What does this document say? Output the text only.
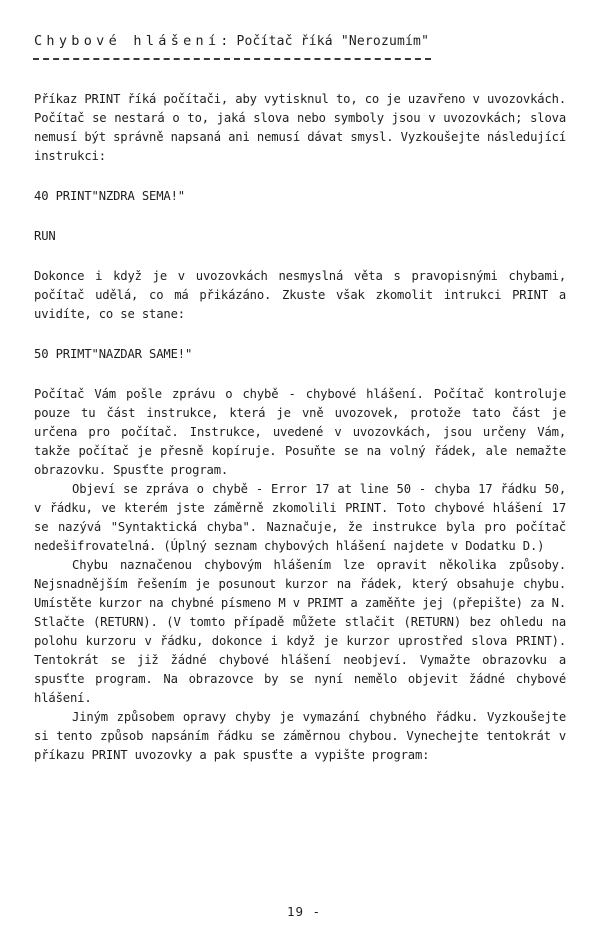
Chybové hlášení: Počítač říká "Nerozumím"

Příkaz PRINT říká počítači, aby vytisknul to, co je uzavřeno v uvozovkách. Počítač se nestará o to, jaká slova nebo symboly jsou v uvozovkách; slova nemusí být správně napsaná ani nemusí dávat smysl. Vyzkoušejte následující instrukci:

40 PRINT"NZDRA SEMA!"

RUN

Dokonce i když je v uvozovkách nesmyslná věta s pravopisnými chybami, počítač udělá, co má přikázáno. Zkuste však zkomolit intrukci PRINT a uvidíte, co se stane:

50 PRIMT"NAZDAR SAME!"

Počítač Vám pošle zprávu o chybě - chybové hlášení. Počítač kontroluje pouze tu část instrukce, která je vně uvozovek, protože tato část je určena pro počítač. Instrukce, uvedené v uvozovkách, jsou určeny Vám, takže počítač je přesně kopíruje. Posuňte se na volný řádek, ale nemažte obrazovku. Spusťte program.

Objeví se zpráva o chybě - Error 17 at line 50 - chyba 17 řádku 50, v řádku, ve kterém jste záměrně zkomolili PRINT. Toto chybové hlášení 17 se nazývá "Syntaktická chyba". Naznačuje, že instrukce byla pro počítač nedešifrovatelná. (Úplný seznam chybových hlášení najdete v Dodatku D.)

Chybu naznačenou chybovým hlášením lze opravit několika způsoby. Nejsnadnějším řešením je posunout kurzor na řádek, který obsahuje chybu. Umístěte kurzor na chybné písmeno M v PRIMT a zaměňte jej (přepište) za N. Stlačte (RETURN). (V tomto případě můžete stlačit (RETURN) bez ohledu na polohu kurzoru v řádku, dokonce i když je kurzor uprostřed slova PRINT). Tentokrát se již žádné chybové hlášení neobjeví. Vymažte obrazovku a spusťte program. Na obrazovce by se nyní nemělo objevit žádné chybové hlášení.

Jiným způsobem opravy chyby je vymazání chybného řádku. Vyzkoušejte si tento způsob napsáním řádku se záměrnou chybou. Vynechejte tentokrát v příkazu PRINT uvozovky a pak spusťte a vypište program:

19 -
